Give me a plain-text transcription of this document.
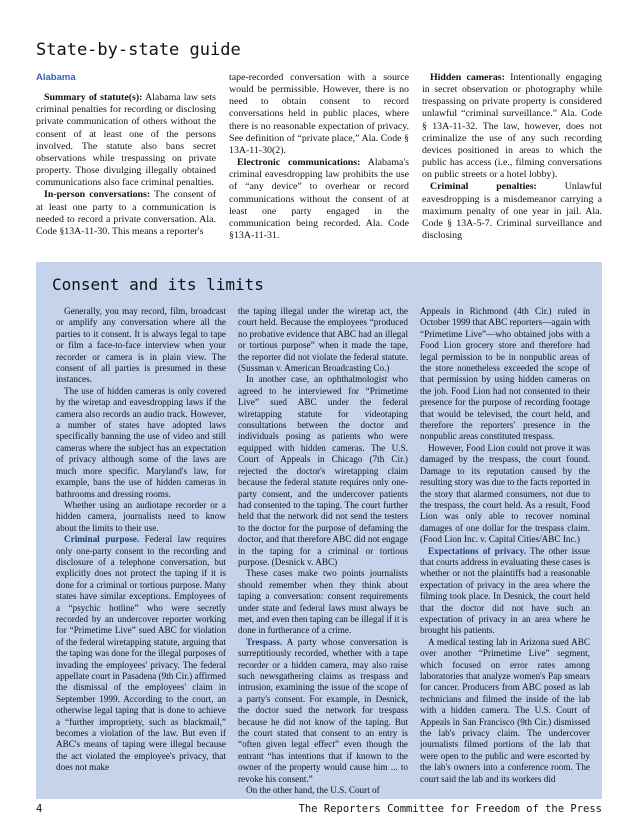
State-by-state guide
Alabama

Summary of statute(s): Alabama law sets criminal penalties for recording or disclosing private communication of others without the consent of at least one of the persons involved. The statute also bans secret observations while trespassing on private property. Those divulging illegally obtained communications also face criminal penalties.

In-person conversations: The consent of at least one party to a communication is needed to record a private conversation. Ala. Code §13A-11-30. This means a reporter's

tape-recorded conversation with a source would be permissible. However, there is no need to obtain consent to record conversations held in public places, where there is no reasonable expectation of privacy. See definition of “private place,” Ala. Code § 13A-11-30(2).

Electronic communications: Alabama's criminal eavesdropping law prohibits the use of “any device” to overhear or record communications without the consent of at least one party engaged in the communication being recorded. Ala. Code §13A-11-31.

Hidden cameras: Intentionally engaging in secret observation or photography while trespassing on private property is considered unlawful “criminal surveillance.” Ala. Code § 13A-11-32. The law, however, does not criminalize the use of any such recording devices positioned in areas to which the public has access (i.e., filming conversations on public streets or a hotel lobby).

Criminal penalties:	Unlawful eavesdropping is a misdemeanor carrying a maximum penalty of one year in jail. Ala. Code § 13A-5-7. Criminal surveillance and disclosing

Consent and its limits

Generally, you may record, film, broadcast or amplify any conversation where all the parties to it consent. It is always legal to tape or film a face-to-face interview when your recorder or camera is in plain view. The consent of all parties is presumed in these instances.

The use of hidden cameras is only covered by the wiretap and eavesdropping laws if the camera also records an audio track. However, a number of states have adopted laws specifically banning the use of video and still cameras where the subject has an expectation of privacy although some of the laws are much more specific. Maryland's law, for example, bans the use of hidden cameras in bathrooms and dressing rooms.

Whether using an audiotape recorder or a hidden camera, journalists need to know about the limits to their use.

Criminal purpose. Federal law requires only one-party consent to the recording and disclosure of a telephone conversation, but explicitly does not protect the taping if it is done for a criminal or tortious purpose. Many states have similar exceptions. Employees of a “psychic hotline” who were secretly recorded by an undercover reporter working for “Primetime Live” sued ABC for violation of the federal wiretapping statute, arguing that the taping was done for the illegal purposes of invading the employees' privacy. The federal appellate court in Pasadena (9th Cir.) affirmed the dismissal of the employees' claim in September 1999. According to the court, an otherwise legal taping that is done to achieve a “further impropriety, such as blackmail,” becomes a violation of the law. But even if ABC's means of taping were illegal because the act violated the employee's privacy, that does not make

the taping illegal under the wiretap act, the court held. Because the employees “produced no probative evidence that ABC had an illegal or tortious purpose” when it made the tape, the reporter did not violate the federal statute. (Sussman v. American Broadcasting Co.)

In another case, an ophthalmologist who agreed to be interviewed for “Primetime Live” sued ABC under the federal wiretapping statute for videotaping consultations between the doctor and individuals posing as patients who were equipped with hidden cameras. The U.S. Court of Appeals in Chicago (7th Cir.) rejected the doctor's wiretapping claim because the federal statute requires only one-party consent, and the undercover patients had consented to the taping. The court further held that the network did not send the testers to the doctor for the purpose of defaming the doctor, and that therefore ABC did not engage in the taping for a criminal or tortious purpose. (Desnick v. ABC)

These cases make two points journalists should remember when they think about taping a conversation: consent requirements under state and federal laws must always be met, and even then taping can be illegal if it is done in furtherance of a crime.

Trespass. A party whose conversation is surreptitiously recorded, whether with a tape recorder or a hidden camera, may also raise such newsgathering claims as trespass and intrusion, examining the issue of the scope of a party's consent. For example, in Desnick, the doctor sued the network for trespass because he did not know of the taping. But the court stated that consent to an entry is “often given legal effect” even though the entrant “has intentions that if known to the owner of the property would cause him ... to revoke his consent.”

On the other hand, the U.S. Court of

Appeals in Richmond (4th Cir.) ruled in October 1999 that ABC reporters—again with “Primetime Live”—who obtained jobs with a Food Lion grocery store and therefore had legal permission to be in nonpublic areas of the store nonetheless exceeded the scope of that permission by using hidden cameras on the job. Food Lion had not consented to their presence for the purpose of recording footage that would be televised, the court held, and therefore the reporters' presence in the nonpublic areas constituted trespass.

However, Food Lion could not prove it was damaged by the trespass, the court found. Damage to its reputation caused by the resulting story was due to the facts reported in the story that alarmed consumers, not due to the trespass, the court held. As a result, Food Lion was only able to recover nominal damages of one dollar for the trespass claim. (Food Lion Inc. v. Capital Cities/ABC Inc.)

Expectations of privacy. The other issue that courts address in evaluating these cases is whether or not the plaintiffs had a reasonable expectation of privacy in the area where the filming took place. In Desnick, the court held that the doctor did not have such an expectation of privacy in an area where he brought his patients.

A medical testing lab in Arizona sued ABC over another “Primetime Live” segment, which focused on error rates among laboratories that analyze women's Pap smears for cancer. Producers from ABC posed as lab technicians and filmed the inside of the lab with a hidden camera. The U.S. Court of Appeals in San Francisco (9th Cir.) dismissed the lab's privacy claim. The undercover journalists filmed portions of the lab that were open to the public and were escorted by the lab's owners into a conference room. The court said the lab and its workers did

4	The Reporters Committee for Freedom of the Press
